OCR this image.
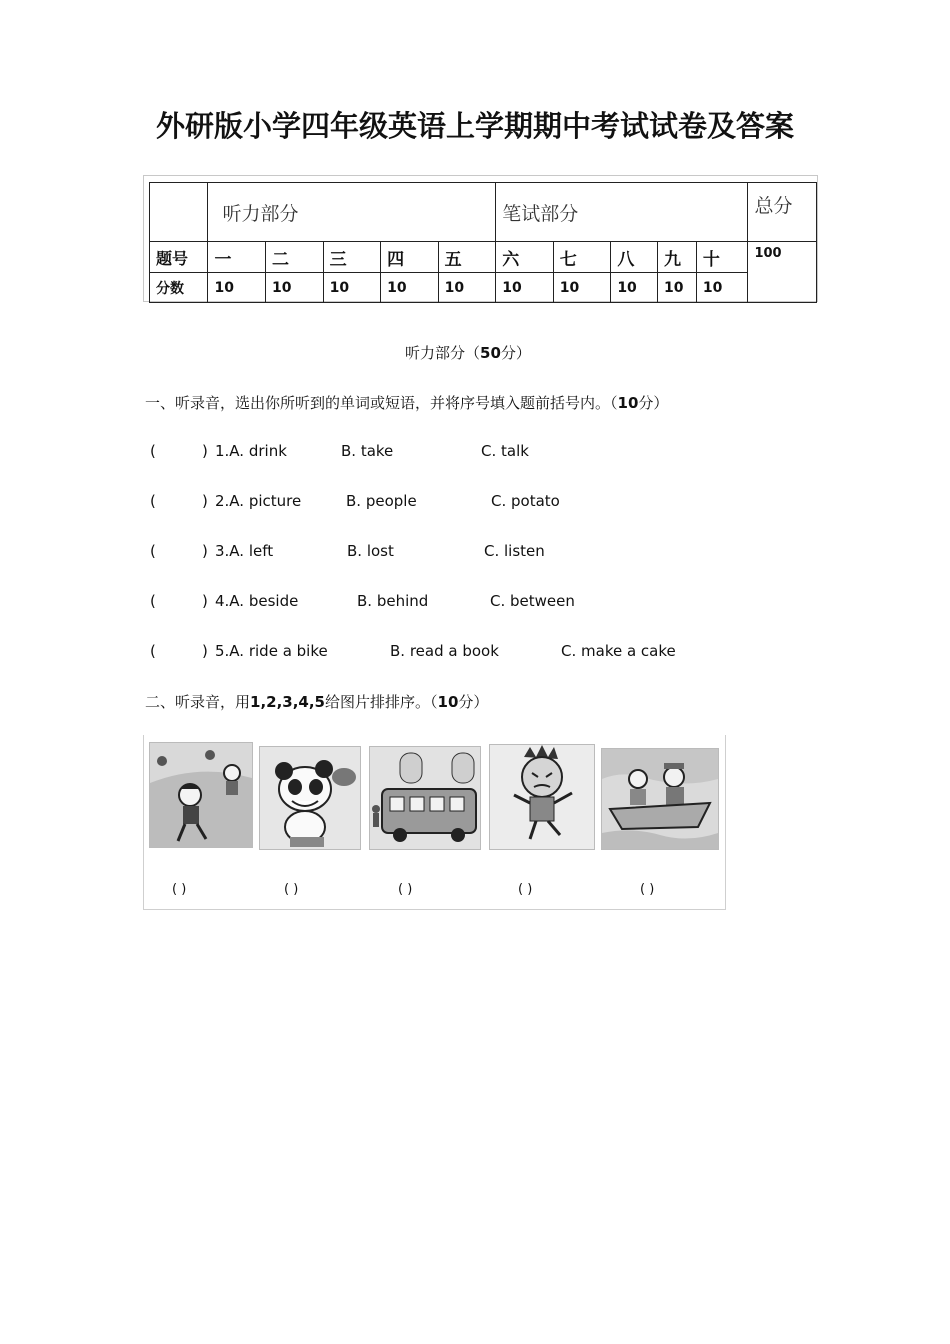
外研版小学四年级英语上学期期中考试试卷及答案
	听力部分					笔试部分					总分
题号	一	二	三	四	五	六	七	八	九	十	100
分数	10	10	10	10	10	10	10	10	10	10	
听力部分（50分）
一、听录音，选出你所听到的单词或短语，并将序号填入题前括号内。（10分）
(	) 1.A. drink	B. take	C. talk
(	) 2.A. picture	B. people	C. potato
(	) 3.A. left	B. lost	C. listen
(	) 4.A. beside	B. behind	C. between
(	) 5.A. ride a bike	B. read a book	C. make a cake
二、听录音，用1,2,3,4,5给图片排排序。（10分）
( )	( )	( )	( )	( )
